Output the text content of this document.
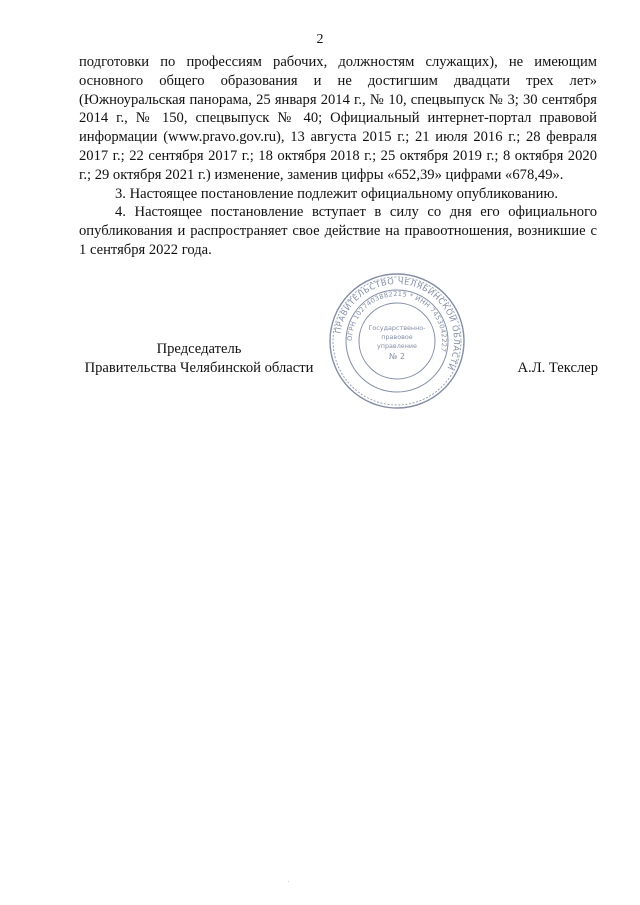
2

подготовки по профессиям рабочих, должностям служащих), не имеющим основного общего образования и не достигшим двадцати трех лет» (Южноуральская панорама, 25 января 2014 г., № 10, спецвыпуск № 3; 30 сентября 2014 г., № 150, спецвыпуск № 40; Официальный интернет-портал правовой информации (www.pravo.gov.ru), 13 августа 2015 г.; 21 июля 2016 г.; 28 февраля 2017 г.; 22 сентября 2017 г.; 18 октября 2018 г.; 25 октября 2019 г.; 8 октября 2020 г.; 29 октября 2021 г.) изменение, заменив цифры «652,39» цифрами «678,49».

3. Настоящее постановление подлежит официальному опубликованию.

4. Настоящее постановление вступает в силу со дня его официального опубликования и распространяет свое действие на правоотношения, возникшие с 1 сентября 2022 года.

Председатель
Правительства Челябинской области
ПРАВИТЕЛЬСТВО ЧЕЛЯБИНСКОЙ ОБЛАСТИ
ОГРН 1027403882215 * ИНН 7453042227
Государственно-
правовое
управление
№ 2
А.Л. Текслер
.
